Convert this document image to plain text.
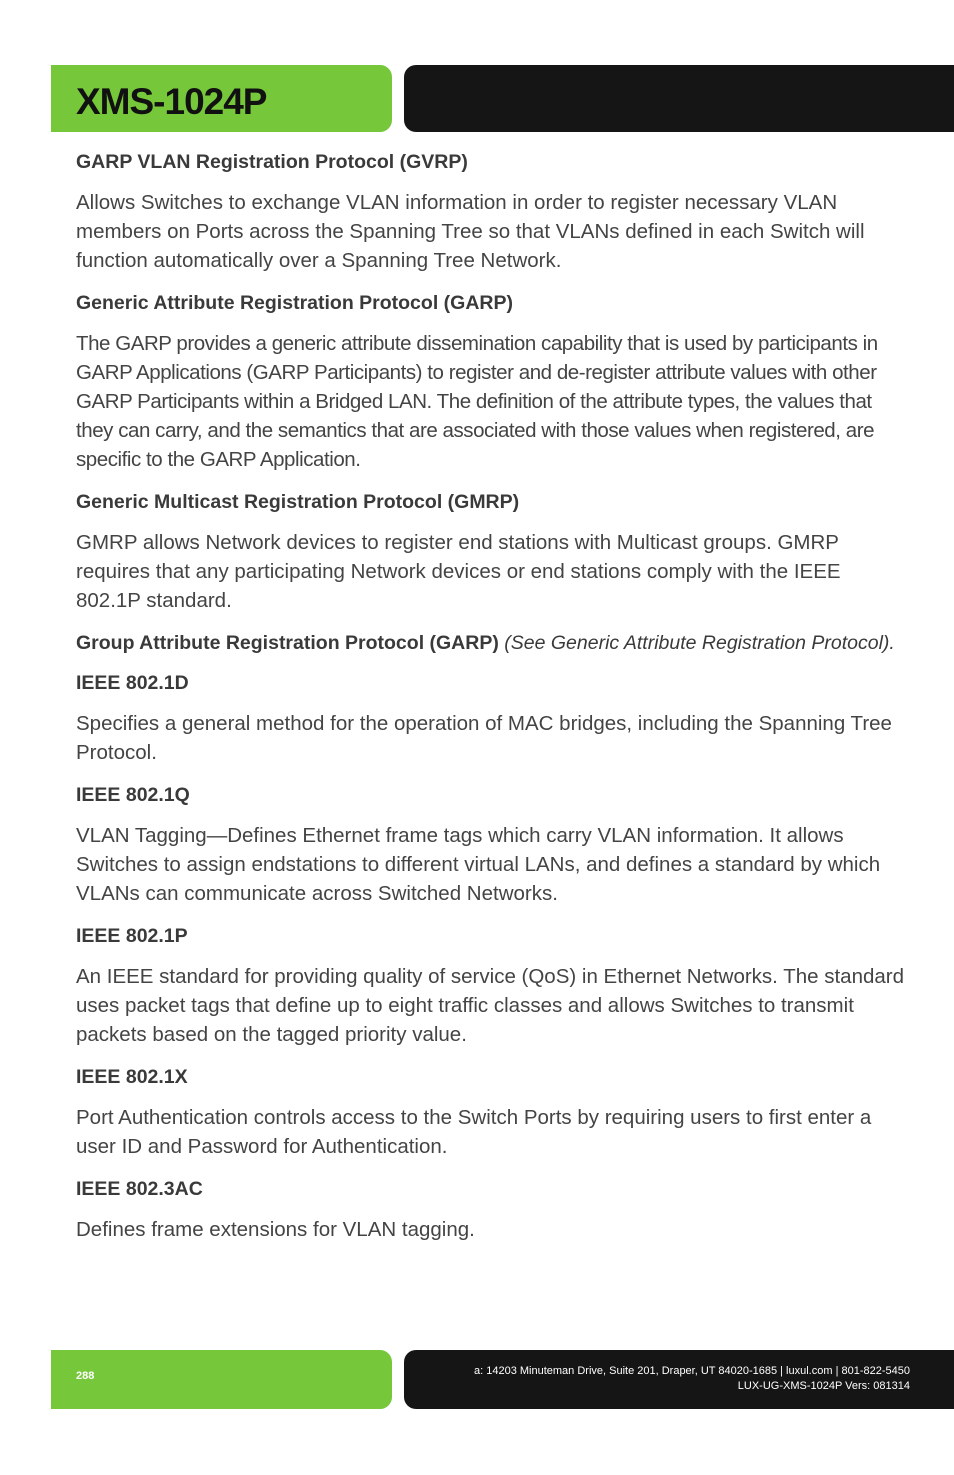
XMS-1024P
GARP VLAN Registration Protocol (GVRP)

Allows Switches to exchange VLAN information in order to register necessary VLAN members on Ports across the Spanning Tree so that VLANs defined in each Switch will function automatically over a Spanning Tree Network.

Generic Attribute Registration Protocol (GARP)

The GARP provides a generic attribute dissemination capability that is used by participants in GARP Applications (GARP Participants) to register and de-register attribute values with other GARP Participants within a Bridged LAN. The definition of the attribute types, the values that they can carry, and the semantics that are associated with those values when registered, are specific to the GARP Application.

Generic Multicast Registration Protocol (GMRP)

GMRP allows Network devices to register end stations with Multicast groups. GMRP requires that any participating Network devices or end stations comply with the IEEE 802.1P standard.

Group Attribute Registration Protocol (GARP) (See Generic Attribute Registration Protocol).
IEEE 802.1D

Specifies a general method for the operation of MAC bridges, including the Spanning Tree Protocol.

IEEE 802.1Q

VLAN Tagging—Defines Ethernet frame tags which carry VLAN information. It allows Switches to assign endstations to different virtual LANs, and defines a standard by which VLANs can communicate across Switched Networks.

IEEE 802.1P

An IEEE standard for providing quality of service (QoS) in Ethernet Networks. The standard uses packet tags that define up to eight traffic classes and allows Switches to transmit packets based on the tagged priority value.

IEEE 802.1X

Port Authentication controls access to the Switch Ports by requiring users to first enter a user ID and Password for Authentication.

IEEE 802.3AC

Defines frame extensions for VLAN tagging.

288	a: 14203 Minuteman Drive, Suite 201, Draper, UT 84020-1685 | luxul.com | 801-822-5450
LUX-UG-XMS-1024P Vers: 081314
